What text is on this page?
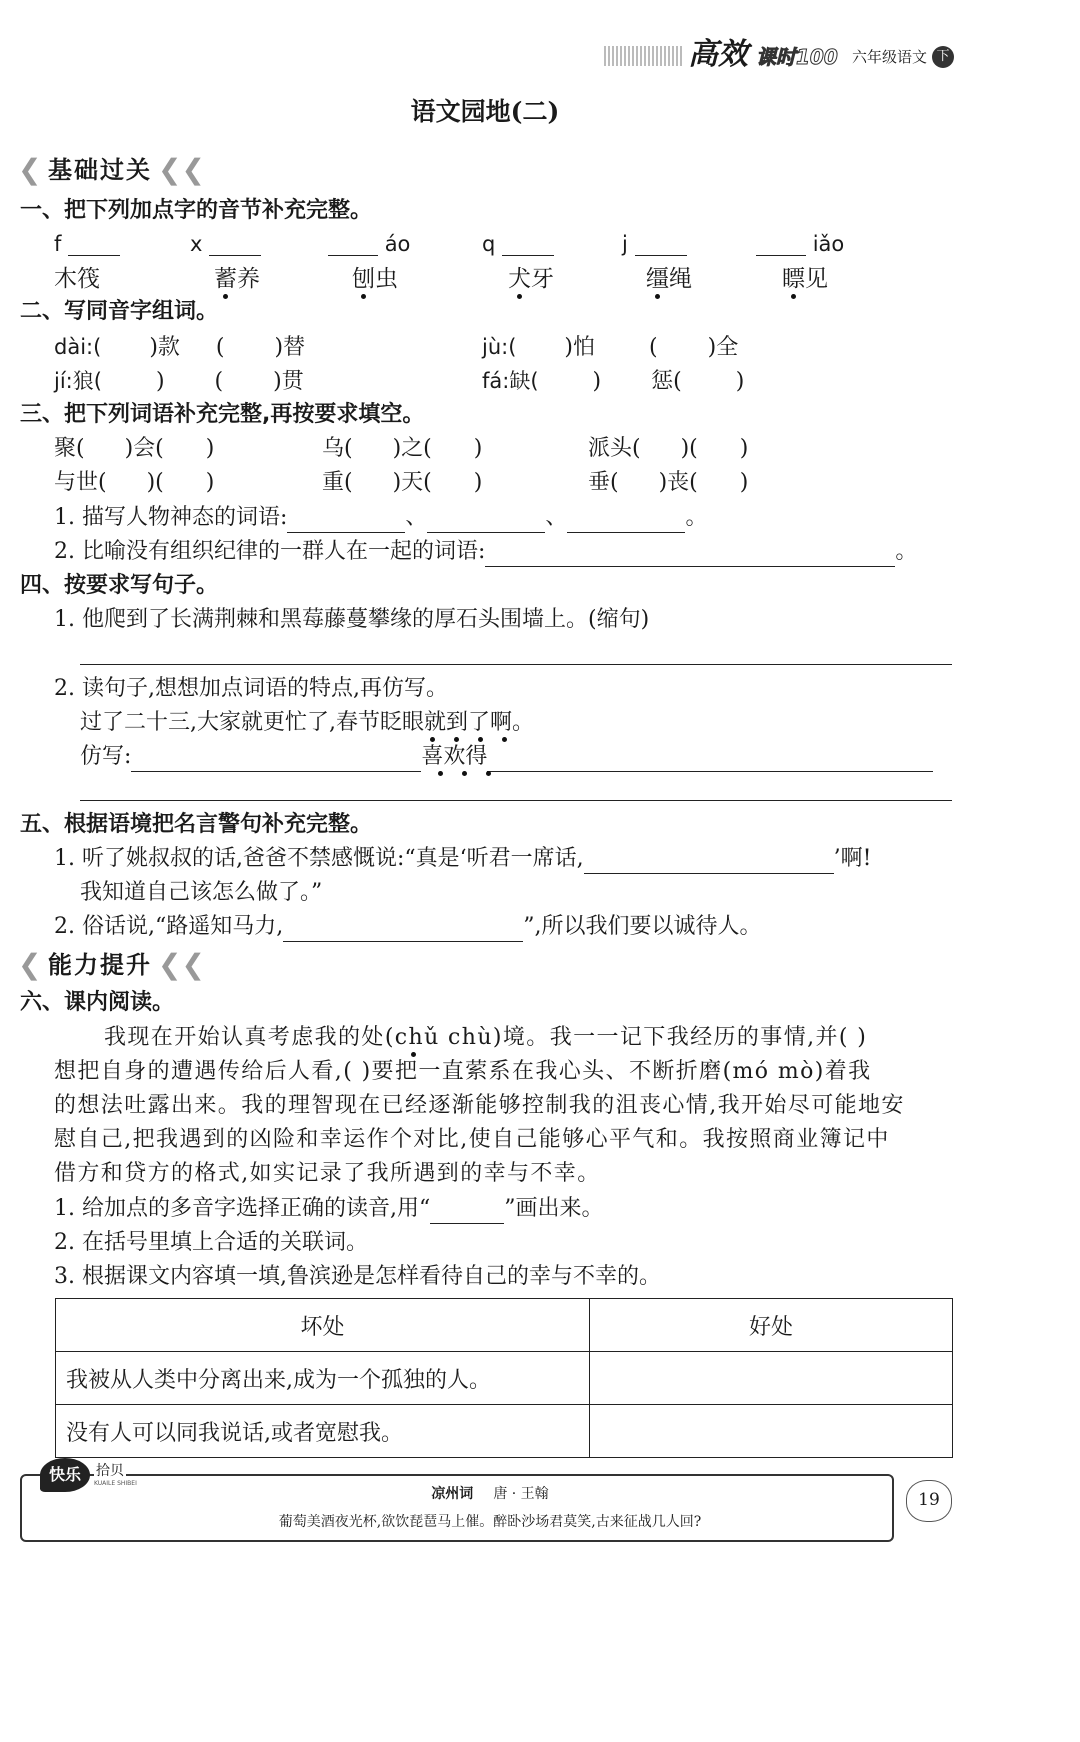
高效 课时100 六年级语文 下
语文园地(二)
❮ 基础过关 ❮❮
一、把下列加点字的音节补充完整。
f	x	áo	q	j	iǎo
木筏	蓄养	刨虫	犬牙	缰绳	瞟见
二、写同音字组词。
dài:( )款 ( )替	jù:( )怕 ( )全
jí:狼( ) ( )贯	fá:缺( ) 惩( )
三、把下列词语补充完整,再按要求填空。
聚( )会( )	乌( )之( )	派头( )( )
与世( )( )	重( )天( )	垂( )丧( )
1. 描写人物神态的词语:	、	、	。
2. 比喻没有组织纪律的一群人在一起的词语:	。
四、按要求写句子。
1. 他爬到了长满荆棘和黑莓藤蔓攀缘的厚石头围墙上。(缩句)
2. 读句子,想想加点词语的特点,再仿写。
过了二十三,大家就更忙了,春节眨眼就到了啊。
仿写:	喜欢得
五、根据语境把名言警句补充完整。
1. 听了姚叔叔的话,爸爸不禁感慨说:“真是‘听君一席话,	’啊!
我知道自己该怎么做了。”
2. 俗话说,“路遥知马力,	”,所以我们要以诚待人。
❮ 能力提升 ❮❮
六、课内阅读。
我现在开始认真考虑我的处(chǔ chù)境。我一一记下我经历的事情,并( )
想把自身的遭遇传给后人看,( )要把一直萦系在我心头、不断折磨(mó mò)着我
的想法吐露出来。我的理智现在已经逐渐能够控制我的沮丧心情,我开始尽可能地安
慰自己,把我遇到的凶险和幸运作个对比,使自己能够心平气和。我按照商业簿记中
借方和贷方的格式,如实记录了我所遇到的幸与不幸。
1. 给加点的多音字选择正确的读音,用“	”画出来。
2. 在括号里填上合适的关联词。
3. 根据课文内容填一填,鲁滨逊是怎样看待自己的幸与不幸的。
坏处	好处
我被从人类中分离出来,成为一个孤独的人。	
没有人可以同我说话,或者宽慰我。	
快乐	拾贝
KUAILE SHIBEI
凉州词 唐 · 王翰
葡萄美酒夜光杯,欲饮琵琶马上催。醉卧沙场君莫笑,古来征战几人回?
19
